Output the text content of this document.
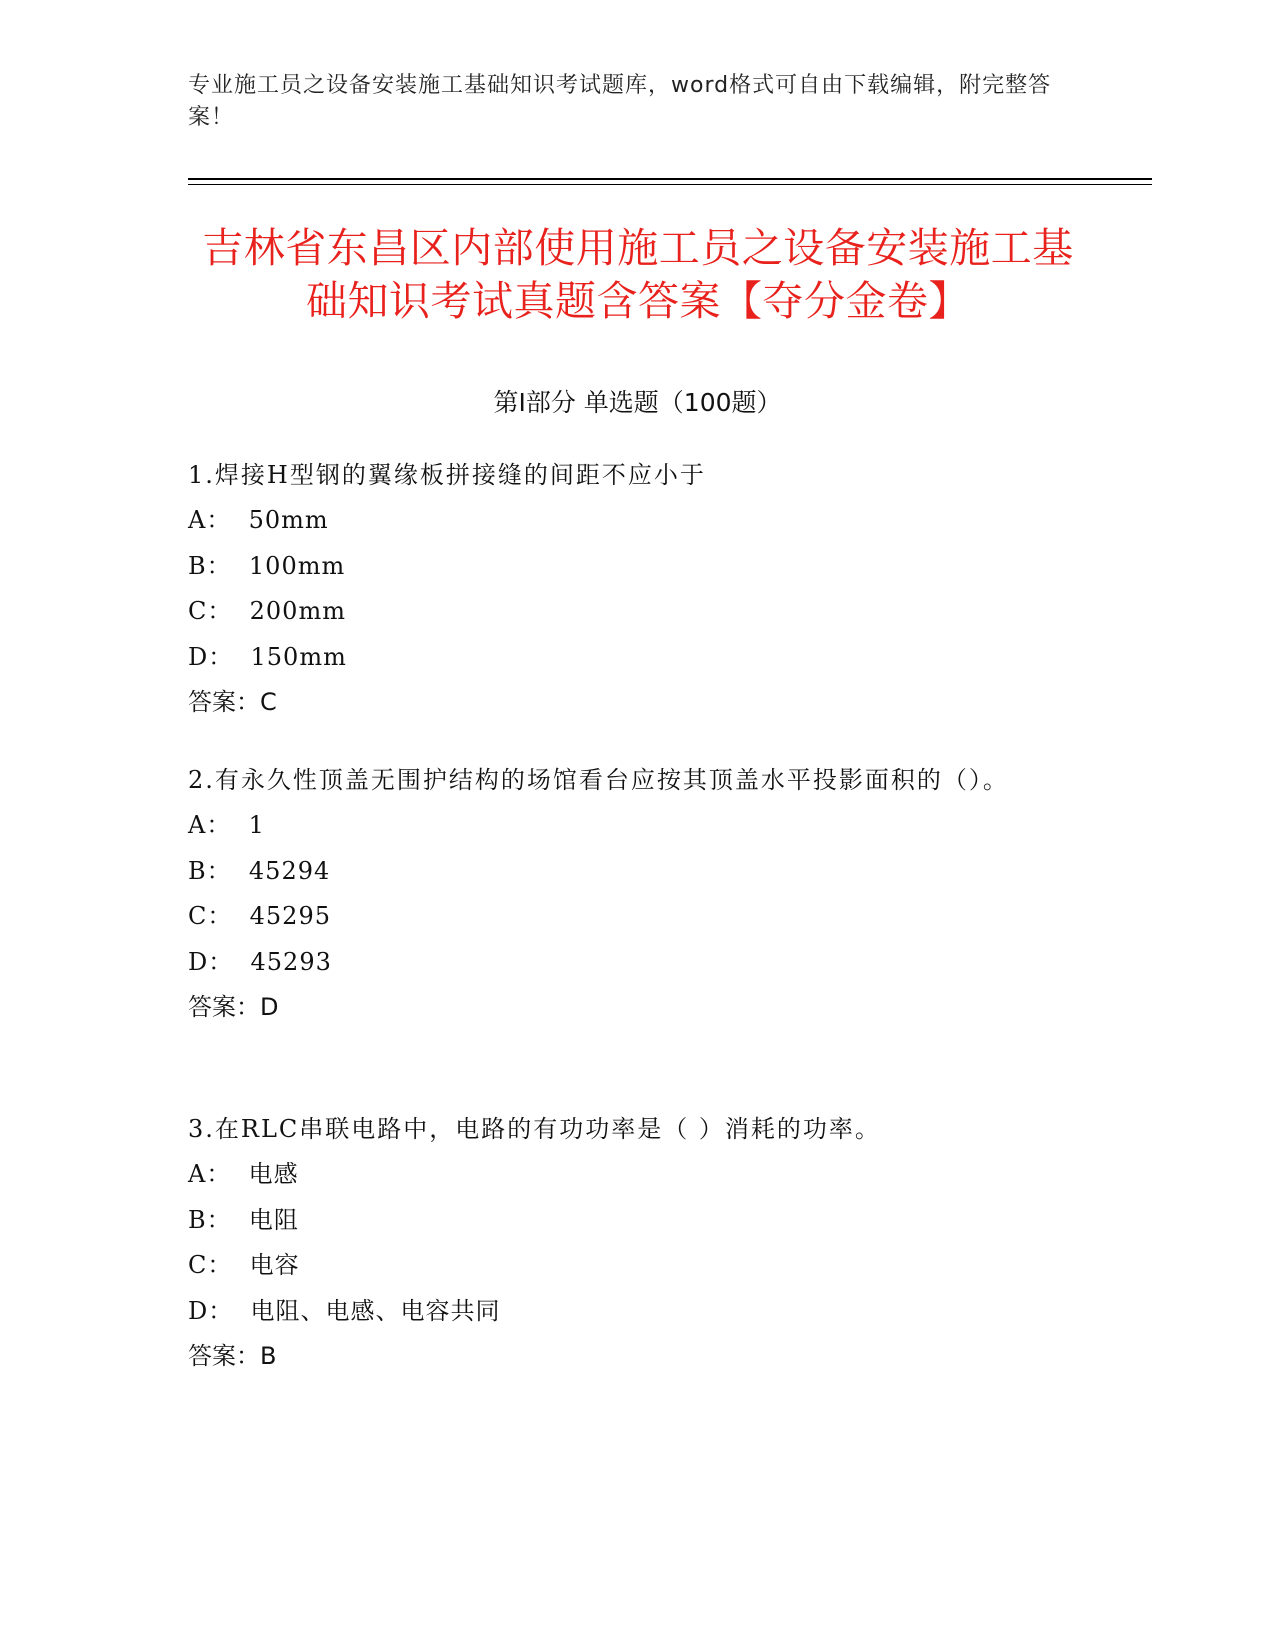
专业施工员之设备安装施工基础知识考试题库，word格式可自由下载编辑，附完整答案！
吉林省东昌区内部使用施工员之设备安装施工基础知识考试真题含答案【夺分金卷】
第Ⅰ部分 单选题（100题）

1.焊接H型钢的翼缘板拼接缝的间距不应小于

A：  50mm

B：  100mm

C：  200mm

D：  150mm

答案：C

2.有永久性顶盖无围护结构的场馆看台应按其顶盖水平投影面积的（）。

A：  1

B：  45294

C：  45295

D：  45293

答案：D

3.在RLC串联电路中，电路的有功功率是（ ）消耗的功率。

A：  电感

B：  电阻

C：  电容

D：  电阻、电感、电容共同

答案：B
